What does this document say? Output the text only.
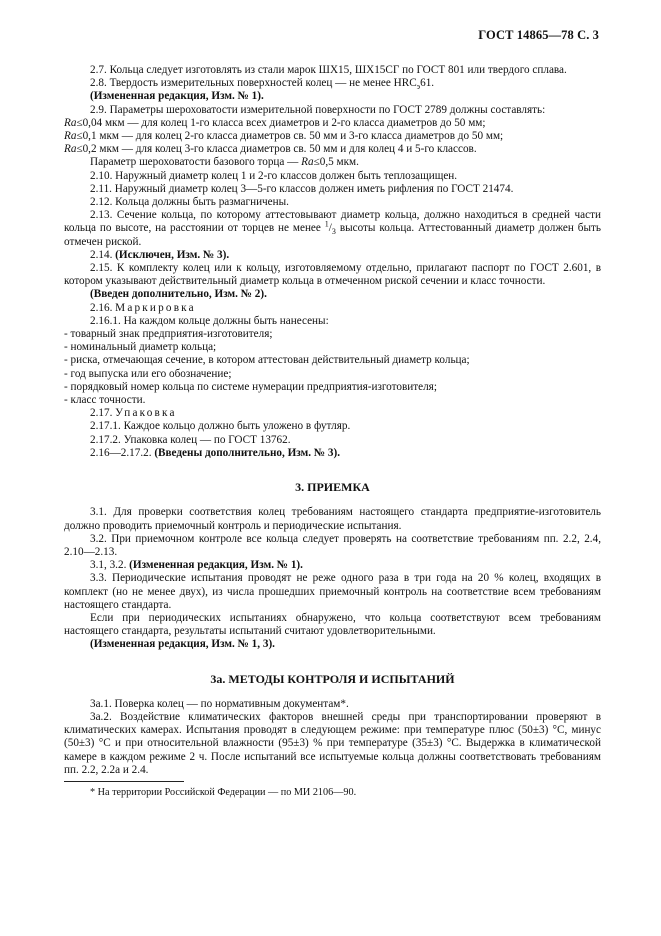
ГОСТ 14865—78 С. 3

2.7. Кольца следует изготовлять из стали марок ШХ15, ШХ15СГ по ГОСТ 801 или твердого сплава.

2.8. Твердость измерительных поверхностей колец — не менее $HRC_э61$.

(Измененная редакция, Изм. № 1).

2.9. Параметры шероховатости измерительной поверхности по ГОСТ 2789 должны составлять:

Ra≤0,04 мкм — для колец 1-го класса всех диаметров и 2-го класса диаметров до 50 мм;

Ra≤0,1 мкм — для колец 2-го класса диаметров св. 50 мм и 3-го класса диаметров до 50 мм;

Ra≤0,2 мкм — для колец 3-го класса диаметров св. 50 мм и для колец 4 и 5-го классов.

Параметр шероховатости базового торца — Ra≤0,5 мкм.

2.10. Наружный диаметр колец 1 и 2-го классов должен быть теплозащищен.

2.11. Наружный диаметр колец 3—5-го классов должен иметь рифления по ГОСТ 21474.

2.12. Кольца должны быть размагничены.

2.13. Сечение кольца, по которому аттестовывают диаметр кольца, должно находиться в средней части кольца по высоте, на расстоянии от торцев не менее $^1/_3$ высоты кольца. Аттестованный диаметр должен быть отмечен риской.

2.14. (Исключен, Изм. № 3).

2.15. К комплекту колец или к кольцу, изготовляемому отдельно, прилагают паспорт по ГОСТ 2.601, в котором указывают действительный диаметр кольца в отмеченном риской сечении и класс точности.

(Введен дополнительно, Изм. № 2).

2.16. Маркировка

2.16.1. На каждом кольце должны быть нанесены:

- товарный знак предприятия-изготовителя;

- номинальный диаметр кольца;

- риска, отмечающая сечение, в котором аттестован действительный диаметр кольца;

- год выпуска или его обозначение;

- порядковый номер кольца по системе нумерации предприятия-изготовителя;

- класс точности.

2.17. Упаковка

2.17.1. Каждое кольцо должно быть уложено в футляр.

2.17.2. Упаковка колец — по ГОСТ 13762.

2.16—2.17.2. (Введены дополнительно, Изм. № 3).

3. ПРИЕМКА

3.1. Для проверки соответствия колец требованиям настоящего стандарта предприятие-изготовитель должно проводить приемочный контроль и периодические испытания.

3.2. При приемочном контроле все кольца следует проверять на соответствие требованиям пп. 2.2, 2.4, 2.10—2.13.

3.1, 3.2. (Измененная редакция, Изм. № 1).

3.3. Периодические испытания проводят не реже одного раза в три года на 20 % колец, входящих в комплект (но не менее двух), из числа прошедших приемочный контроль на соответствие всем требованиям настоящего стандарта.

Если при периодических испытаниях обнаружено, что кольца соответствуют всем требованиям настоящего стандарта, результаты испытаний считают удовлетворительными.

(Измененная редакция, Изм. № 1, 3).

3а. МЕТОДЫ КОНТРОЛЯ И ИСПЫТАНИЙ

3а.1. Поверка колец — по нормативным документам*.

3а.2. Воздействие климатических факторов внешней среды при транспортировании проверяют в климатических камерах. Испытания проводят в следующем режиме: при температуре плюс (50±3) °С, минус (50±3) °С и при относительной влажности (95±3) % при температуре (35±3) °С. Выдержка в климатической камере в каждом режиме 2 ч. После испытаний все испытуемые кольца должны соответствовать требованиям пп. 2.2, 2.2а и 2.4.

* На территории Российской Федерации — по МИ 2106—90.
